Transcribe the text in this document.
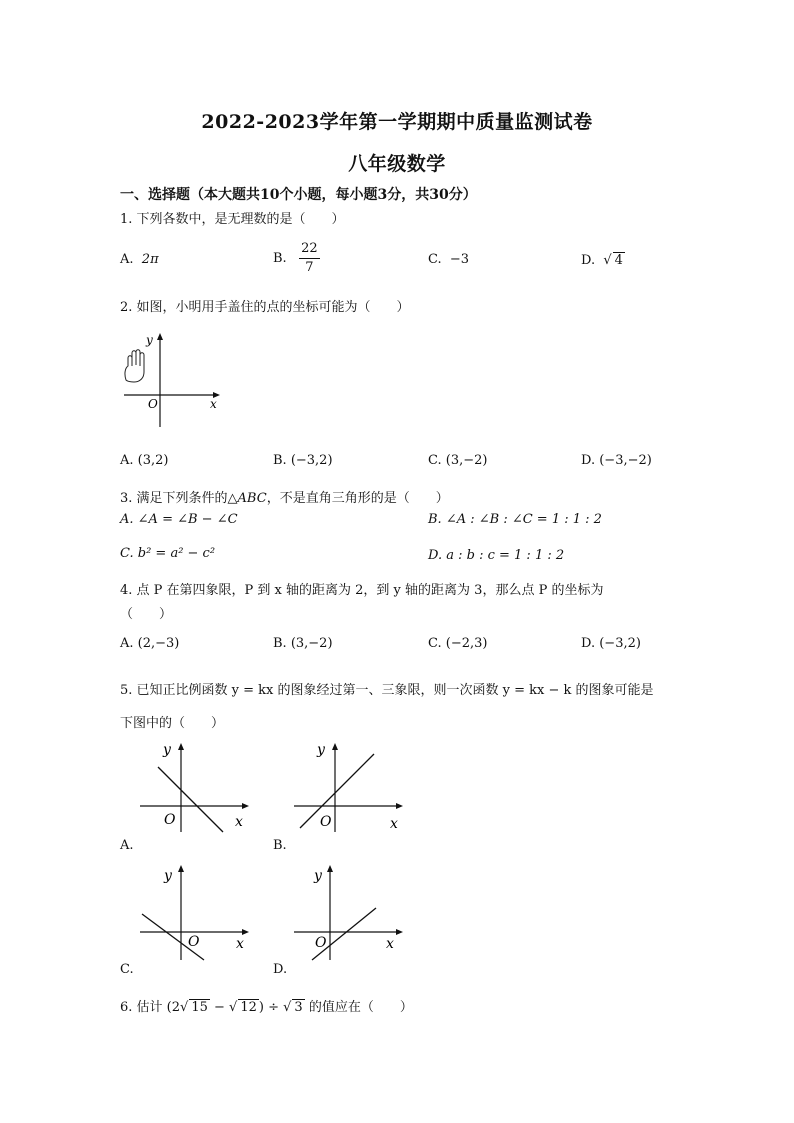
2022-2023学年第一学期期中质量监测试卷
八年级数学
一、选择题（本大题共10个小题，每小题3分，共30分）
1. 下列各数中，是无理数的是（　　）
A. 2π	B. $\frac{22}{7}$	C. −3	D.  √ 4
2. 如图，小明用手盖住的点的坐标可能为（　　）
y
x
O
A. (3,2)	B. (−3,2)	C. (3,−2)	D. (−3,−2)
3. 满足下列条件的△ABC，不是直角三角形的是（　　）
A. ∠A = ∠B − ∠C	B. ∠A : ∠B : ∠C = 1 : 1 : 2
C. b² = a² − c²	D. a : b : c = 1 : 1 : 2
4. 点 P 在第四象限，P 到 x 轴的距离为 2，到 y 轴的距离为 3，那么点 P 的坐标为
（　　）
A. (2,−3)	B. (3,−2)	C. (−2,3)	D. (−3,2)
5. 已知正比例函数 y = kx 的图象经过第一、三象限，则一次函数 y = kx − k 的图象可能是
下图中的（　　）
y
x
O
A.
y
x
O
B.
y
x
O
C.
y
x
O
D.
6. 估计 (2√ 15 − √ 12 ) ÷ √ 3 的值应在（　　）
